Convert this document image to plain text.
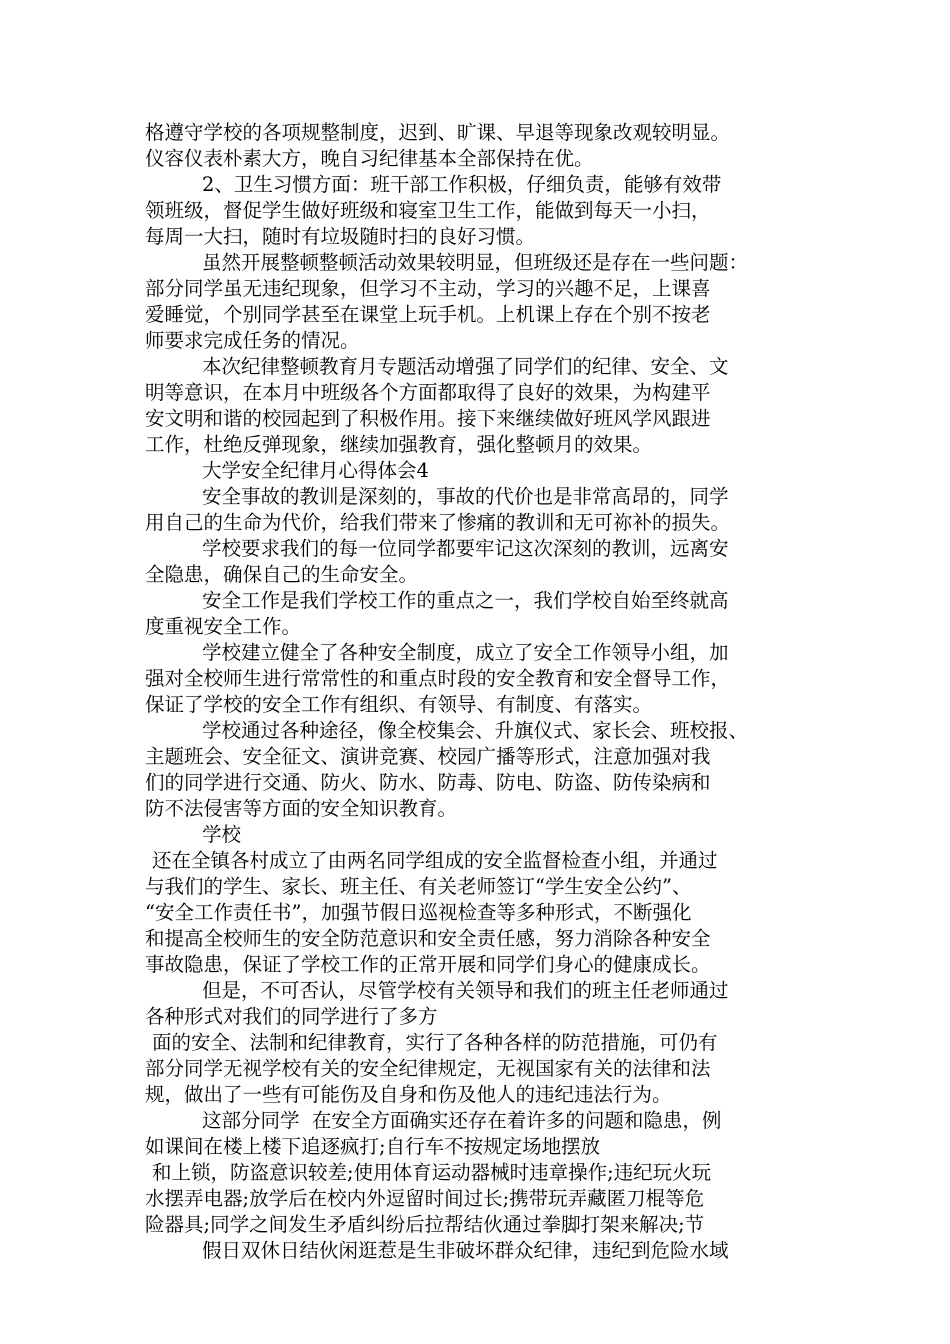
格遵守学校的各项规整制度，迟到、旷课、早退等现象改观较明显。
仪容仪表朴素大方，晚自习纪律基本全部保持在优。
2、卫生习惯方面：班干部工作积极，仔细负责，能够有效带
领班级，督促学生做好班级和寝室卫生工作，能做到每天一小扫，
每周一大扫，随时有垃圾随时扫的良好习惯。
虽然开展整顿整顿活动效果较明显，但班级还是存在一些问题：
部分同学虽无违纪现象，但学习不主动，学习的兴趣不足，上课喜
爱睡觉，个别同学甚至在课堂上玩手机。上机课上存在个别不按老
师要求完成任务的情况。
本次纪律整顿教育月专题活动增强了同学们的纪律、安全、文
明等意识，在本月中班级各个方面都取得了良好的效果，为构建平
安文明和谐的校园起到了积极作用。接下来继续做好班风学风跟进
工作，杜绝反弹现象，继续加强教育，强化整顿月的效果。
大学安全纪律月心得体会4
安全事故的教训是深刻的，事故的代价也是非常高昂的，同学
用自己的生命为代价，给我们带来了惨痛的教训和无可祢补的损失。
学校要求我们的每一位同学都要牢记这次深刻的教训，远离安
全隐患，确保自己的生命安全。
安全工作是我们学校工作的重点之一，我们学校自始至终就高
度重视安全工作。
学校建立健全了各种安全制度，成立了安全工作领导小组，加
强对全校师生进行常常性的和重点时段的安全教育和安全督导工作，
保证了学校的安全工作有组织、有领导、有制度、有落实。
学校通过各种途径，像全校集会、升旗仪式、家长会、班校报、
主题班会、安全征文、演讲竞赛、校园广播等形式，注意加强对我
们的同学进行交通、防火、防水、防毒、防电、防盗、防传染病和
防不法侵害等方面的安全知识教育。
学校
还在全镇各村成立了由两名同学组成的安全监督检查小组，并通过
与我们的学生、家长、班主任、有关老师签订“学生安全公约”、
“安全工作责任书”，加强节假日巡视检查等多种形式，不断强化
和提高全校师生的安全防范意识和安全责任感，努力消除各种安全
事故隐患，保证了学校工作的正常开展和同学们身心的健康成长。
但是，不可否认，尽管学校有关领导和我们的班主任老师通过
各种形式对我们的同学进行了多方
面的安全、法制和纪律教育，实行了各种各样的防范措施，可仍有
部分同学无视学校有关的安全纪律规定，无视国家有关的法律和法
规，做出了一些有可能伤及自身和伤及他人的违纪违法行为。
这部分同学  在安全方面确实还存在着许多的问题和隐患，例
如课间在楼上楼下追逐疯打;自行车不按规定场地摆放
和上锁，防盗意识较差;使用体育运动器械时违章操作;违纪玩火玩
水摆弄电器;放学后在校内外逗留时间过长;携带玩弄藏匿刀棍等危
险器具;同学之间发生矛盾纠纷后拉帮结伙通过拳脚打架来解决;节
假日双休日结伙闲逛惹是生非破坏群众纪律，违纪到危险水域
